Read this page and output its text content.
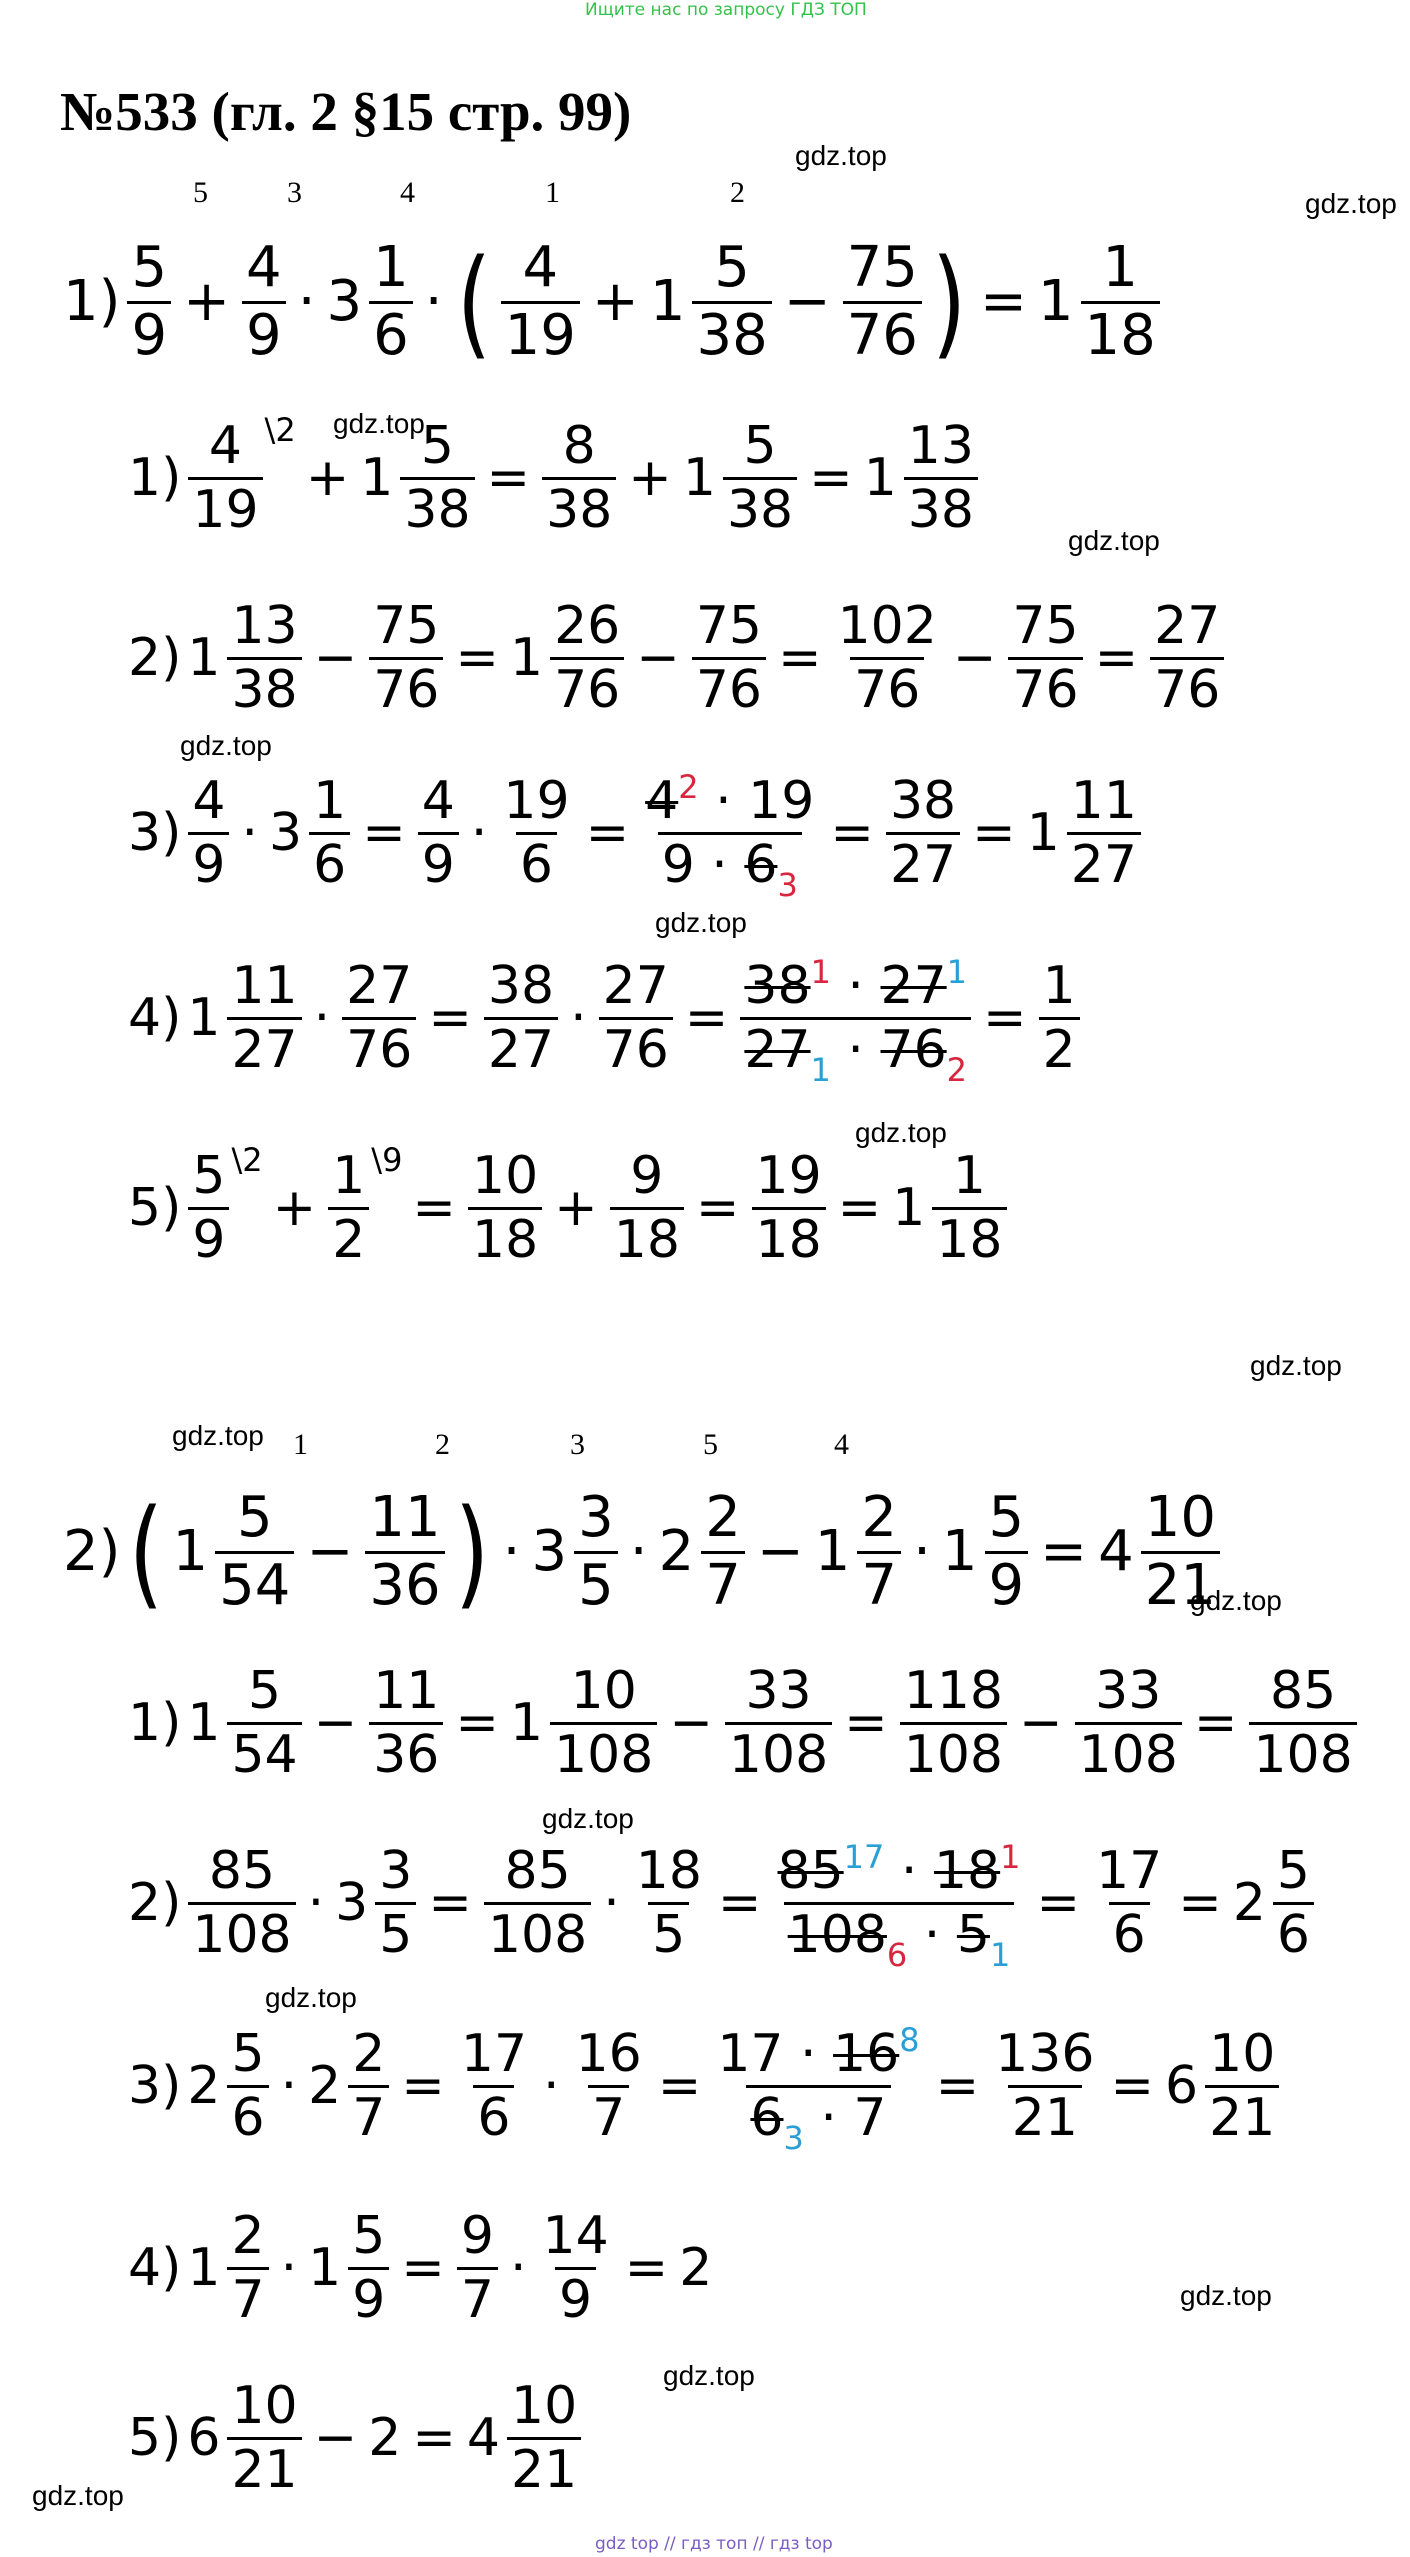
Ищите нас по запросу ГДЗ ТОП
№533 (гл. 2 §15 стр. 99)
gdz.top
gdz.top
gdz.top
gdz.top
gdz.top
gdz.top
gdz.top
gdz.top
gdz.top
gdz.top
gdz.top
gdz.top
gdz.top
gdz.top
gdz.top
5	3	4	1	2
1)
5
9
+ $\frac{4}{9} \cdot 3$
1
6
· ( 4
19
+ 1
5
38
− $\frac{75}{76}$ ) = 1
1
18
1)
4
19
\2
+ $1 \frac{5}{38} = \frac{8}{38} + 1 \frac{5}{38} = 1$
13
38
2) 1
13
38
− $\frac{75}{76} = 1$
26
76
− $\frac{75}{76} = \frac{102}{76} - \frac{75}{76} = \frac{27}{76}$
3)
4
9
· $3 \frac{1}{6} = \frac{4}{9} \cdot \frac{19}{6} = \frac{4^2 \cdot 19}{9 \cdot 6_3} = \frac{38}{27} = 1$
11
27
4) 1
11
27
· $\frac{27}{76} = \frac{38}{27} \cdot \frac{27}{76} = \frac{38^1 \cdot 27^1}{27_1 \cdot 76_2} = \frac{1}{2}$
5)
5
9
\2
+ $\frac{1}{2}$ \9
= $\frac{10}{18} + \frac{9}{18} = \frac{19}{18} = 1$
1
18
1	2	3	5	4
2) ( 1
5
54
− $\frac{11}{36}$ ) · 3
3
5
· 2
2
7
− 1
2
7
· $1 \frac{5}{9} = 4$
10
21
1) 1
5
54
− $\frac{11}{36} = 1$
10
108
− $\frac{33}{108} = \frac{118}{108} - \frac{33}{108} = \frac{85}{108}$
2)
85
108
· $3 \frac{3}{5} = \frac{85}{108} \cdot \frac{18}{5} = \frac{85^{17} \cdot 18^1}{108_6 \cdot 5_1} = \frac{17}{6} = 2$
5
6
3) 2
5
6
· $2 \frac{2}{7} = \frac{17}{6} \cdot \frac{16}{7} = \frac{17 \cdot 16^8}{6_3 \cdot 7} = \frac{136}{21} = 6$
10
21
4) 1
2
7
· $1 \frac{5}{9} = \frac{9}{7} \cdot \frac{14}{9} = 2$
5) 6
10
21
− 2 = 4
10
21
gdz top // гдз топ // гдз top
